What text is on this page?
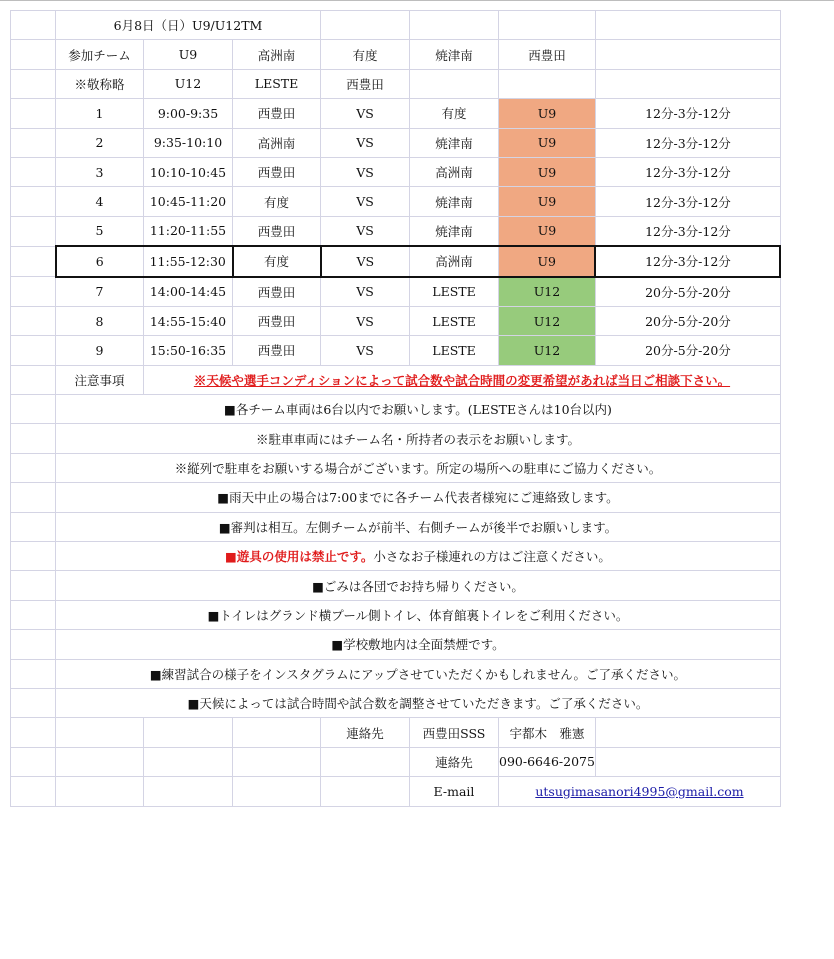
	6月8日（日）U9/U12TM						
	参加チーム	U9	高洲南	有度	焼津南	西豊田	
	※敬称略	U12	LESTE	西豊田			
	1	9:00-9:35	西豊田	VS	有度	U9	12分-3分-12分
	2	9:35-10:10	高洲南	VS	焼津南	U9	12分-3分-12分
	3	10:10-10:45	西豊田	VS	高洲南	U9	12分-3分-12分
	4	10:45-11:20	有度	VS	焼津南	U9	12分-3分-12分
	5	11:20-11:55	西豊田	VS	焼津南	U9	12分-3分-12分
	6	11:55-12:30	有度	VS	高洲南	U9	12分-3分-12分
	7	14:00-14:45	西豊田	VS	LESTE	U12	20分-5分-20分
	8	14:55-15:40	西豊田	VS	LESTE	U12	20分-5分-20分
	9	15:50-16:35	西豊田	VS	LESTE	U12	20分-5分-20分
	注意事項	※天候や選手コンディションによって試合数や試合時間の変更希望があれば当日ご相談下さい。					
	■各チーム車両は6台以内でお願いします。(LESTEさんは10台以内)						
	※駐車車両にはチーム名・所持者の表示をお願いします。						
	※縦列で駐車をお願いする場合がございます。所定の場所への駐車にご協力ください。						
	■雨天中止の場合は7:00までに各チーム代表者様宛にご連絡致します。						
	■審判は相互。左側チームが前半、右側チームが後半でお願いします。						
	■遊具の使用は禁止です。小さなお子様連れの方はご注意ください。						
	■ごみは各団でお持ち帰りください。						
	■トイレはグランド横プール側トイレ、体育館裏トイレをご利用ください。						
	■学校敷地内は全面禁煙です。						
	■練習試合の様子をインスタグラムにアップさせていただくかもしれません。ご了承ください。						
	■天候によっては試合時間や試合数を調整させていただきます。ご了承ください。						
				連絡先	西豊田SSS	宇都木　雅憲	
					連絡先	090-6646-2075	
					E-mail	utsugimasanori4995@gmail.com	
